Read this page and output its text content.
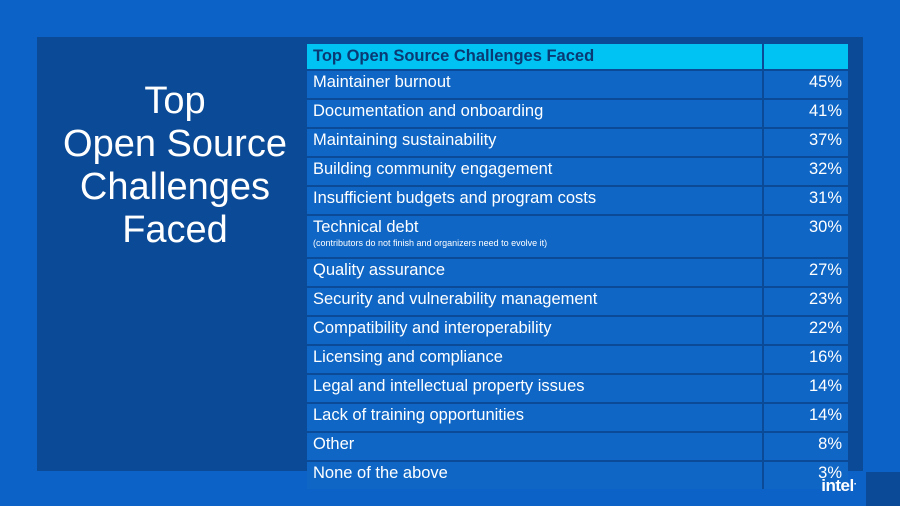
Top
Open Source
Challenges
Faced
Top Open Source Challenges Faced	
Maintainer burnout	45%
Documentation and onboarding	41%
Maintaining sustainability	37%
Building community engagement	32%
Insufficient budgets and program costs	31%
Technical debt
(contributors do not finish and organizers need to evolve it)	30%
Quality assurance	27%
Security and vulnerability management	23%
Compatibility and interoperability	22%
Licensing and compliance	16%
Legal and intellectual property issues	14%
Lack of training opportunities	14%
Other	8%
None of the above	3%
intel.
